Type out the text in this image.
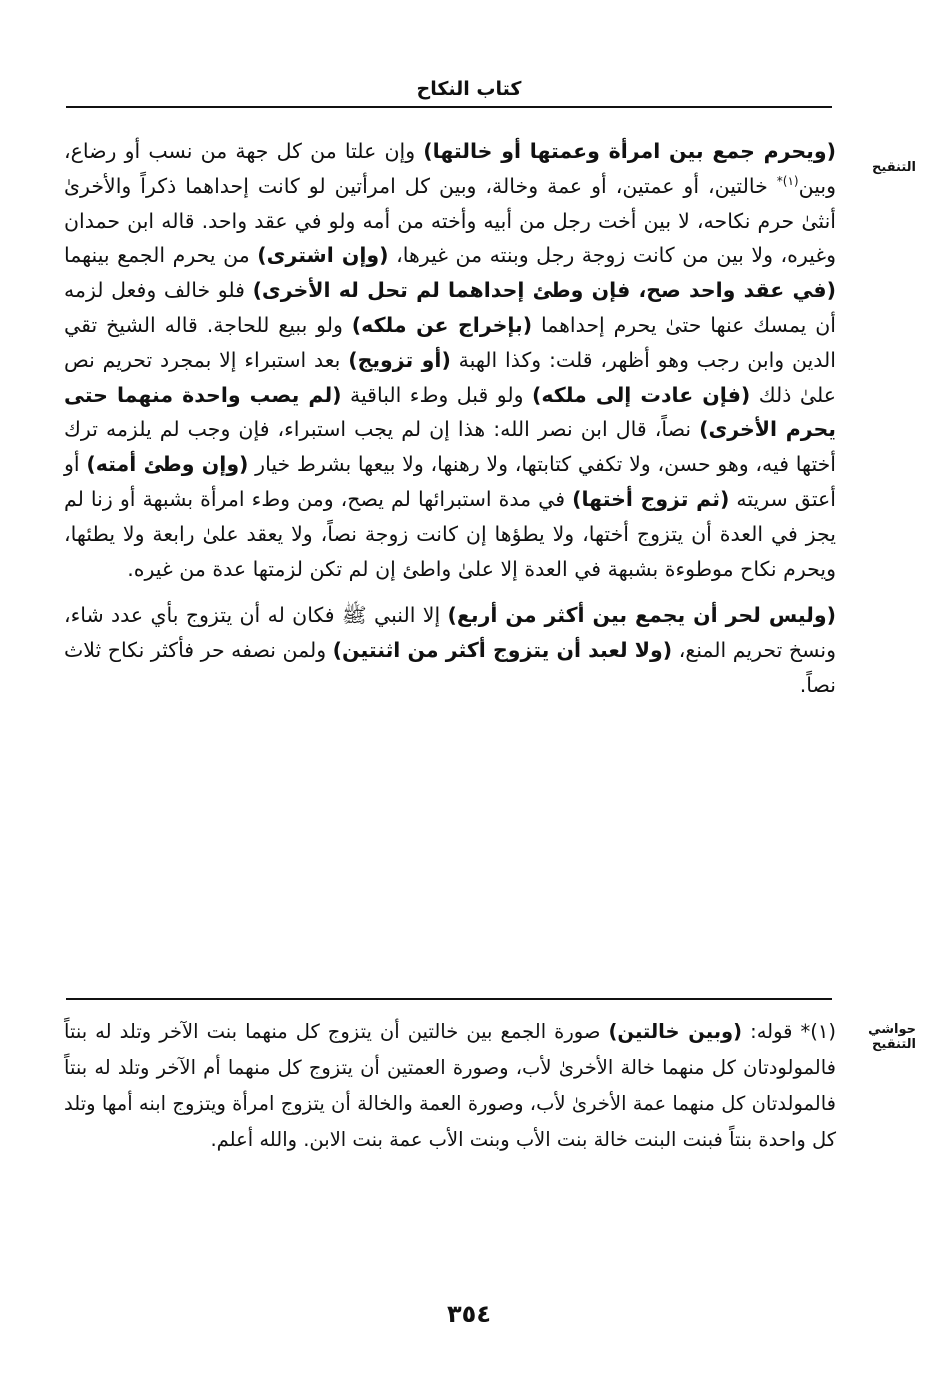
كتاب النكاح
التنقيح

(ويحرم جمع بين امرأة وعمتها أو خالتها) وإن علتا من كل جهة من نسب أو رضاع، وبين$^{(١)*}$ خالتين، أو عمتين، أو عمة وخالة، وبين كل امرأتين لو كانت إحداهما ذكراً والأخرىٰ أنثىٰ حرم نكاحه، لا بين أخت رجل من أبيه وأخته من أمه ولو في عقد واحد. قاله ابن حمدان وغيره، ولا بين من كانت زوجة رجل وبنته من غيرها، (وإن اشترى) من يحرم الجمع بينهما (في عقد واحد صح، فإن وطئ إحداهما لم تحل له الأخرى) فلو خالف وفعل لزمه أن يمسك عنها حتىٰ يحرم إحداهما (بإخراج عن ملكه) ولو ببيع للحاجة. قاله الشيخ تقي الدين وابن رجب وهو أظهر، قلت: وكذا الهبة (أو تزويج) بعد استبراء إلا بمجرد تحريم نص علىٰ ذلك (فإن عادت إلى ملكه) ولو قبل وطء الباقية (لم يصب واحدة منهما حتى يحرم الأخرى) نصاً، قال ابن نصر الله: هذا إن لم يجب استبراء، فإن وجب لم يلزمه ترك أختها فيه، وهو حسن، ولا تكفي كتابتها، ولا رهنها، ولا بيعها بشرط خيار (وإن وطئ أمته) أو أعتق سريته (ثم تزوج أختها) في مدة استبرائها لم يصح، ومن وطء امرأة بشبهة أو زنا لم يجز في العدة أن يتزوج أختها، ولا يطؤها إن كانت زوجة نصاً، ولا يعقد علىٰ رابعة ولا يطئها، ويحرم نكاح موطوءة بشبهة في العدة إلا علىٰ واطئ إن لم تكن لزمتها عدة من غيره.

(وليس لحر أن يجمع بين أكثر من أربع) إلا النبي ﷺ فكان له أن يتزوج بأي عدد شاء، ونسخ تحريم المنع، (ولا لعبد أن يتزوج أكثر من اثنتين) ولمن نصفه حر فأكثر نكاح ثلاث نصاً.

حواشي التنقيح

(١)* قوله: (وبين خالتين) صورة الجمع بين خالتين أن يتزوج كل منهما بنت الآخر وتلد له بنتاً فالمولودتان كل منهما خالة الأخرىٰ لأب، وصورة العمتين أن يتزوج كل منهما أم الآخر وتلد له بنتاً فالمولدتان كل منهما عمة الأخرىٰ لأب، وصورة العمة والخالة أن يتزوج امرأة ويتزوج ابنه أمها وتلد كل واحدة بنتاً فبنت البنت خالة بنت الأب وبنت الأب عمة بنت الابن. والله أعلم.

٣٥٤
